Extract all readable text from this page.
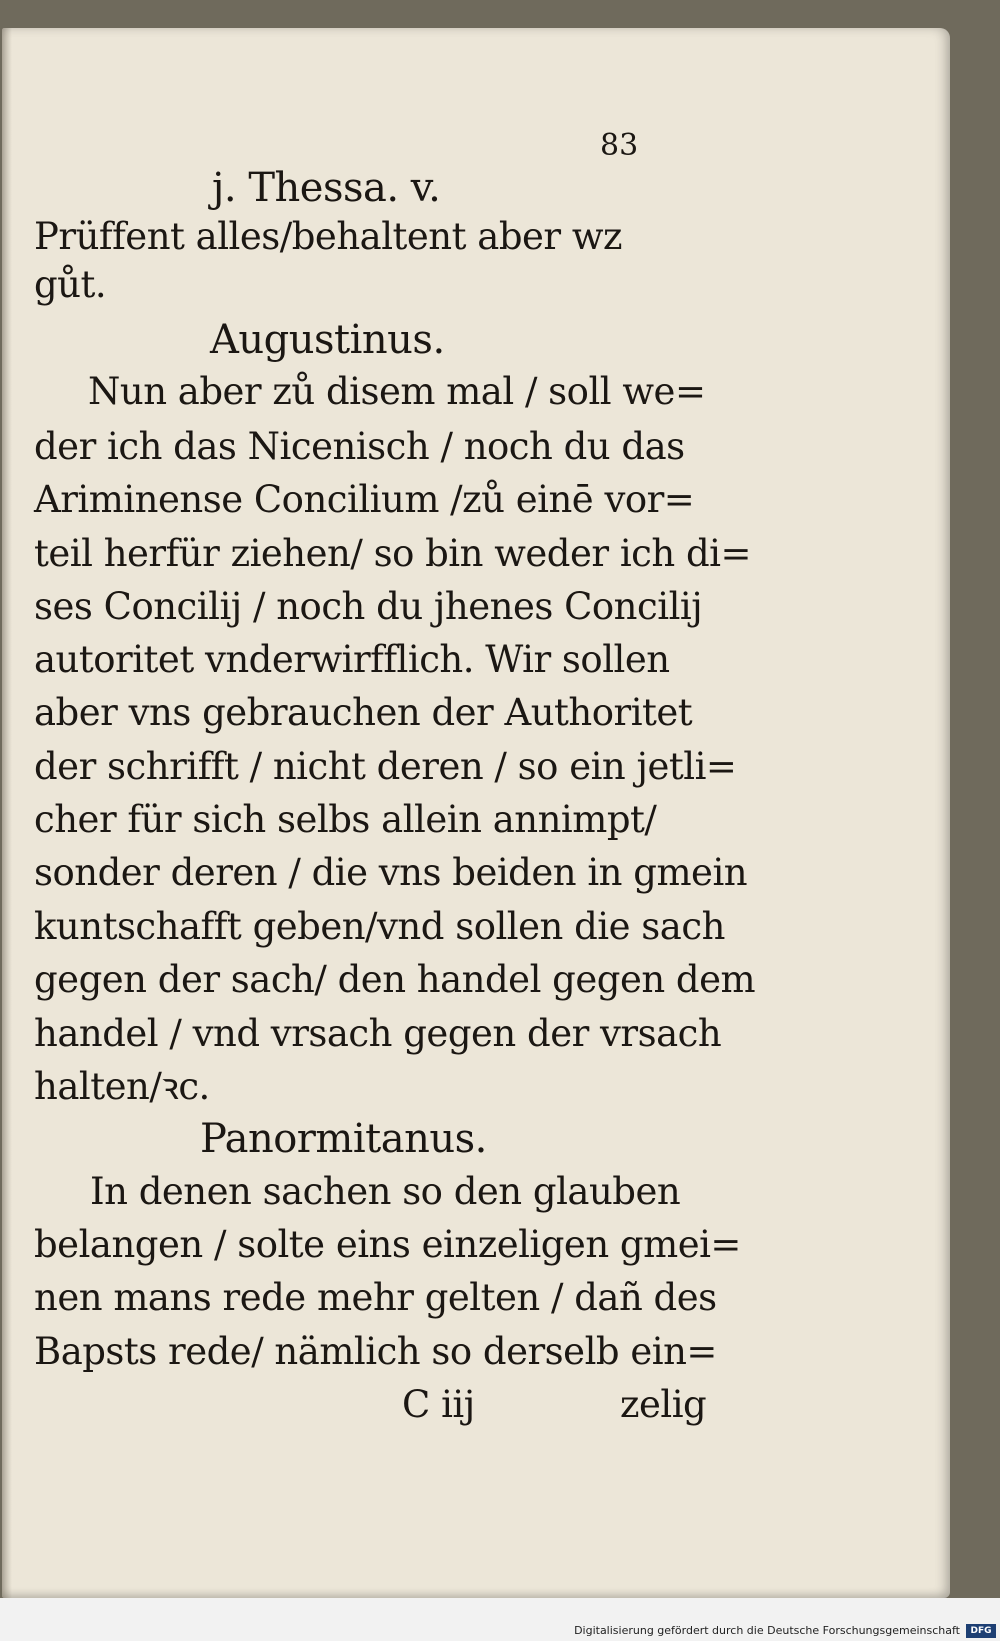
83
j. Thessa. v.
Prüffent alles/behaltent aber wz
gůt.
Augustinus.
Nun aber zů disem mal / soll we=
der ich das Nicenisch / noch du das
Ariminense Concilium /zů einē vor=
teil herfür ziehen/ so bin weder ich di=
ses Concilij / noch du jhenes Concilij
autoritet vnderwirfflich. Wir sollen
aber vns gebrauchen der Authoritet
der schrifft / nicht deren / so ein jetli=
cher für sich selbs allein annimpt/
sonder deren / die vns beiden in gmein
kuntschafft geben/vnd sollen die sach
gegen der sach/ den handel gegen dem
handel / vnd vrsach gegen der vrsach
halten/ꝛc.
Panormitanus.
In denen sachen so den glauben
belangen / solte eins einzeligen gmei=
nen mans rede mehr gelten / dañ des
Bapsts rede/ nämlich so derselb ein=
C iij	zelig
Digitalisierung gefördert durch die Deutsche Forschungsgemeinschaft	DFG
